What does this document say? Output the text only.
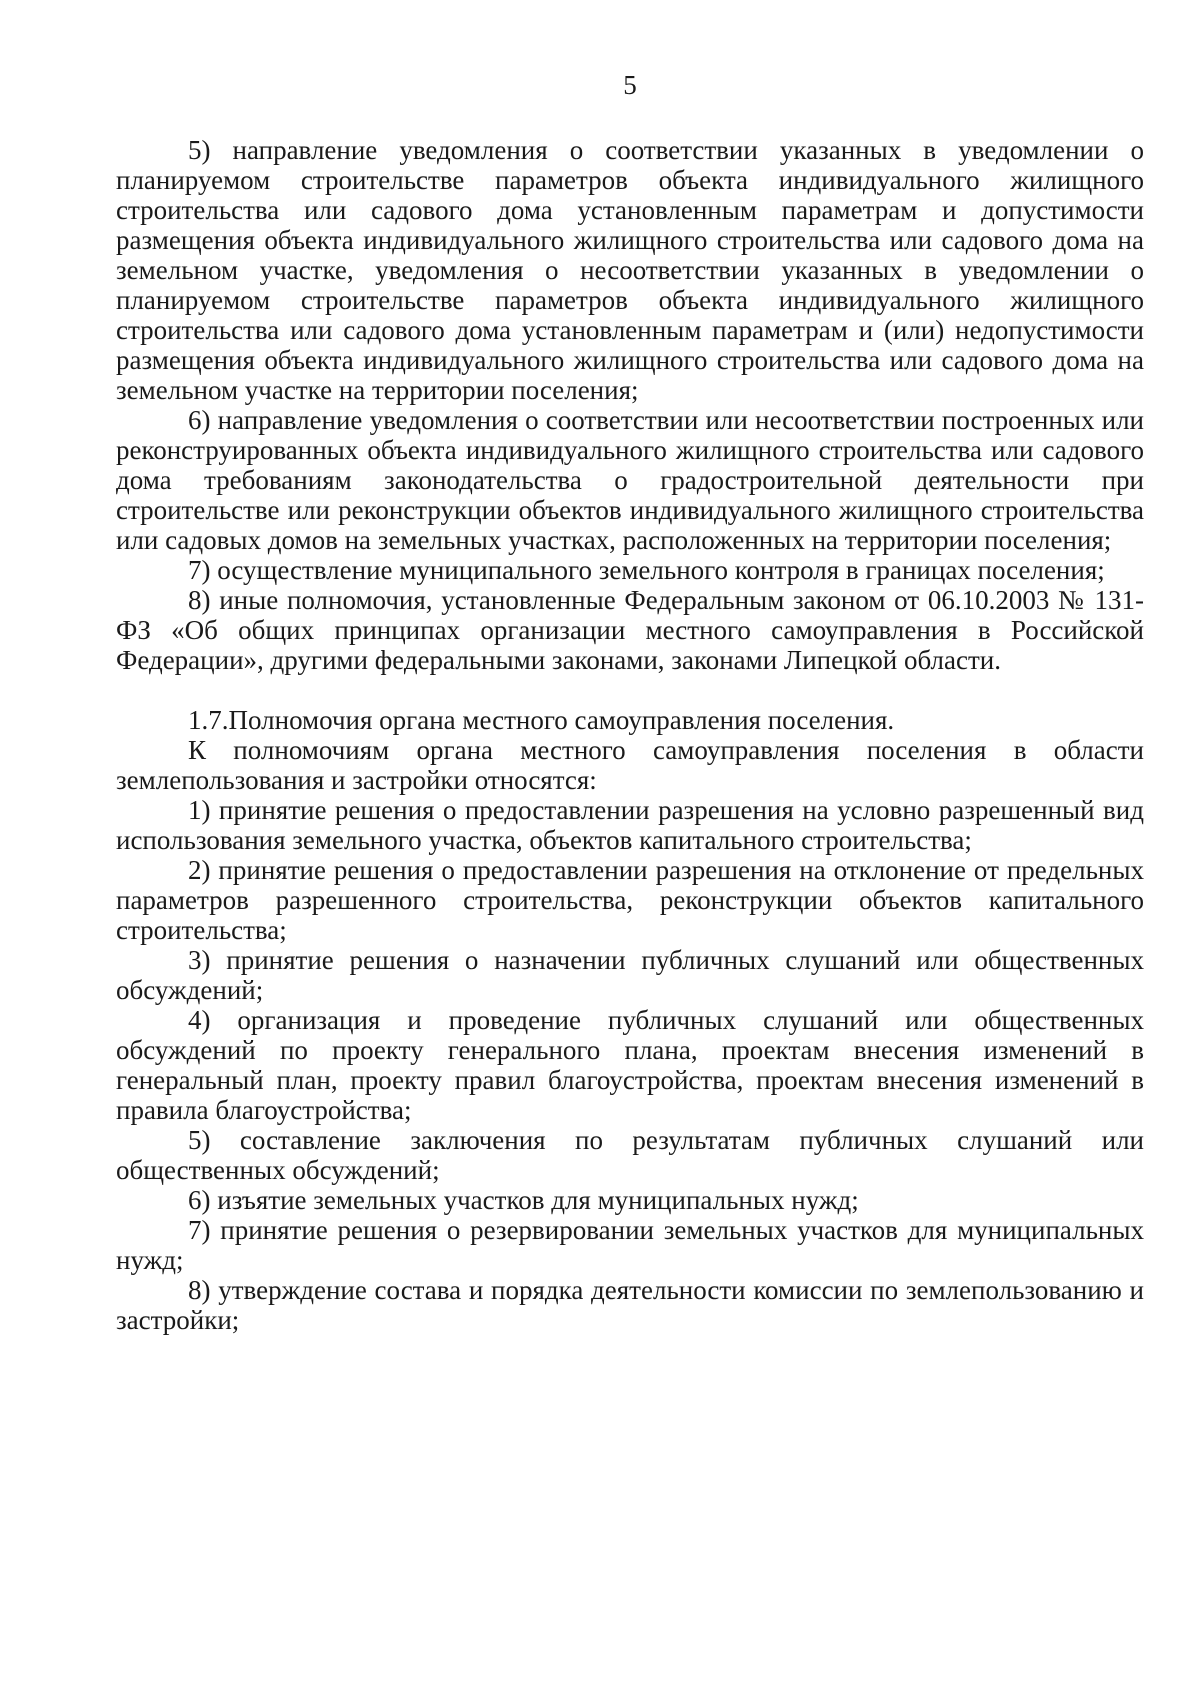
5

5) направление уведомления о соответствии указанных в уведомлении о планируемом строительстве параметров объекта индивидуального жилищного строительства или садового дома установленным параметрам и допустимости размещения объекта индивидуального жилищного строительства или садового дома на земельном участке, уведомления о несоответствии указанных в уведомлении о планируемом строительстве параметров объекта индивидуального жилищного строительства или садового дома установленным параметрам и (или) недопустимости размещения объекта индивидуального жилищного строительства или садового дома на земельном участке на территории поселения;

6) направление уведомления о соответствии или несоответствии построенных или реконструированных объекта индивидуального жилищного строительства или садового дома требованиям законодательства о градостроительной деятельности при строительстве или реконструкции объектов индивидуального жилищного строительства или садовых домов на земельных участках, расположенных на территории поселения;

7) осуществление муниципального земельного контроля в границах поселения;

8) иные полномочия, установленные Федеральным законом от 06.10.2003 № 131-ФЗ «Об общих принципах организации местного самоуправления в Российской Федерации», другими федеральными законами, законами Липецкой области.

1.7.Полномочия органа местного самоуправления поселения.

К полномочиям органа местного самоуправления поселения в области землепользования и застройки относятся:

1) принятие решения о предоставлении разрешения на условно разрешенный вид использования земельного участка, объектов капитального строительства;

2) принятие решения о предоставлении разрешения на отклонение от предельных параметров разрешенного строительства, реконструкции объектов капитального строительства;

3) принятие решения о назначении публичных слушаний или общественных обсуждений;

4) организация и проведение публичных слушаний или общественных обсуждений по проекту генерального плана, проектам внесения изменений в генеральный план, проекту правил благоустройства, проектам внесения изменений в правила благоустройства;

5) составление заключения по результатам публичных слушаний или общественных обсуждений;

6) изъятие земельных участков для муниципальных нужд;

7) принятие решения о резервировании земельных участков для муниципальных нужд;

8) утверждение состава и порядка деятельности комиссии по землепользованию и застройки;
